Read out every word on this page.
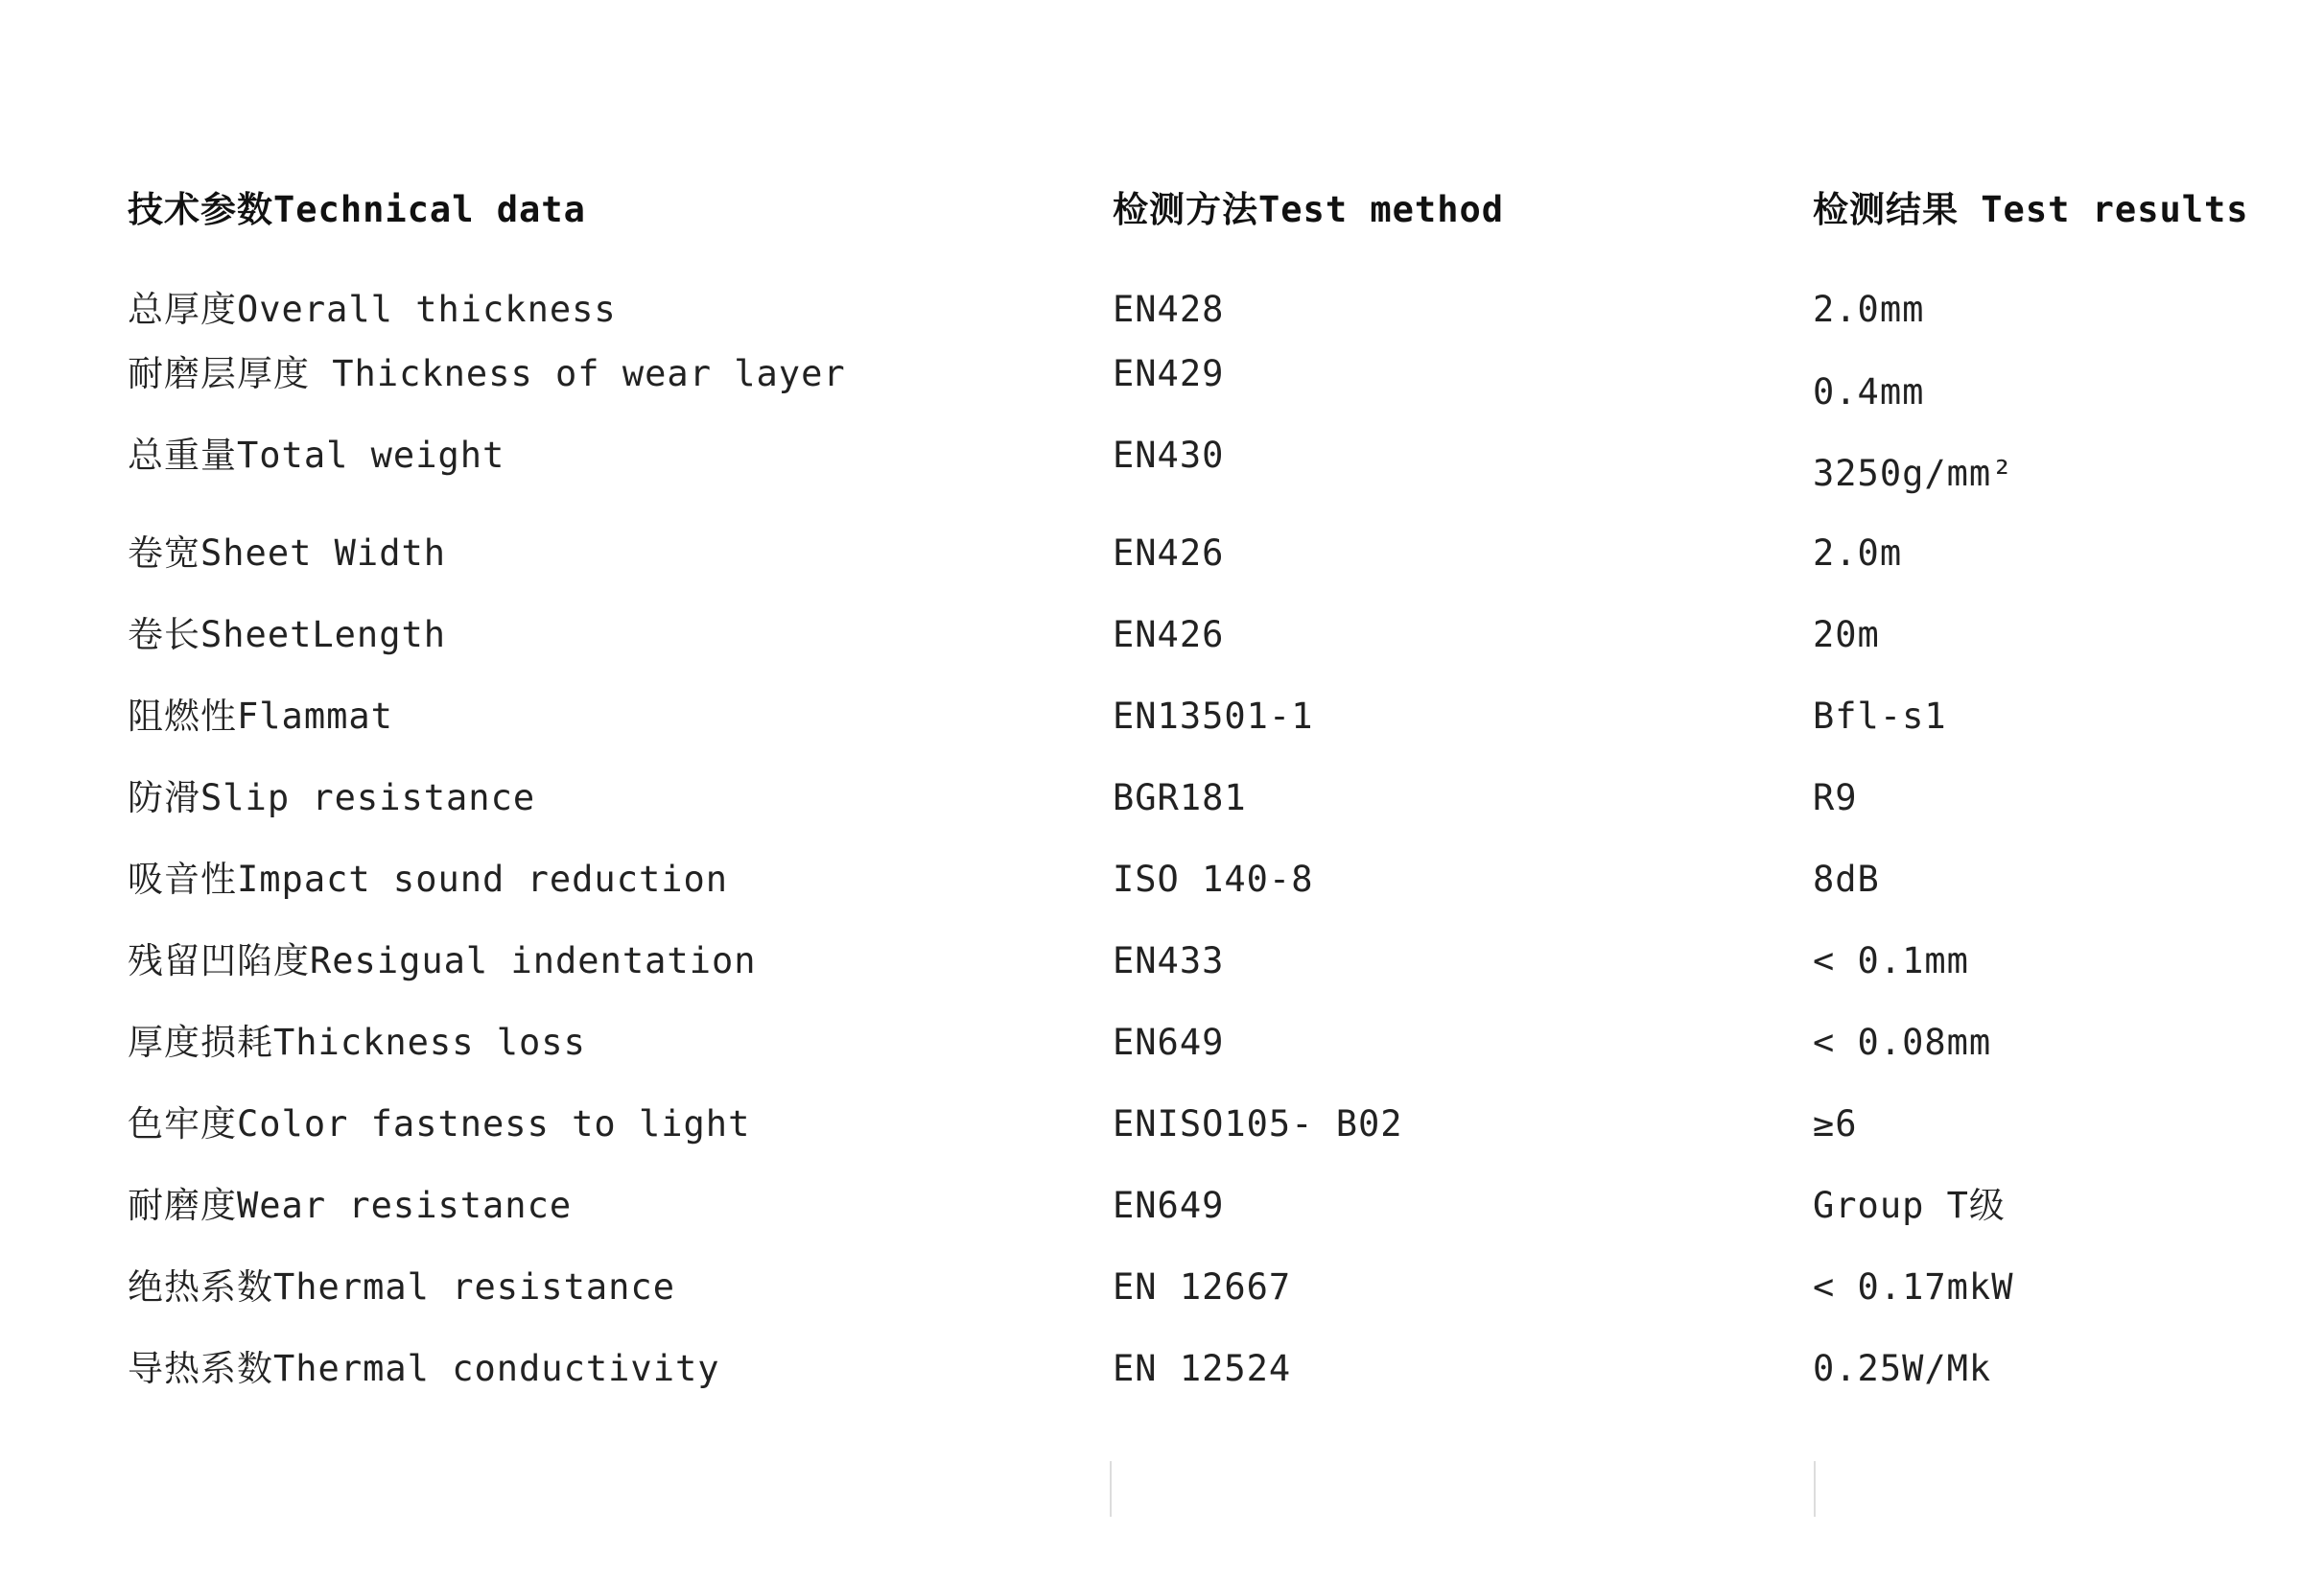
技术参数Technical data	检测方法Test method	检测结果 Test results
总厚度Overall thickness	EN428	2.0mm
耐磨层厚度 Thickness of wear layer	EN429	0.4mm
总重量Total weight	EN430	3250g/mm²
卷宽Sheet Width	EN426	2.0m
卷长SheetLength	EN426	20m
阻燃性Flammat	EN13501-1	Bfl-s1
防滑Slip resistance	BGR181	R9
吸音性Impact sound reduction	ISO 140-8	8dB
残留凹陷度Resigual indentation	EN433	< 0.1mm
厚度损耗Thickness loss	EN649	< 0.08mm
色牢度Color fastness to light	ENISO105- B02	≥6
耐磨度Wear resistance	EN649	Group T级
绝热系数Thermal resistance	EN 12667	< 0.17mkW
导热系数Thermal conductivity	EN 12524	0.25W/Mk
